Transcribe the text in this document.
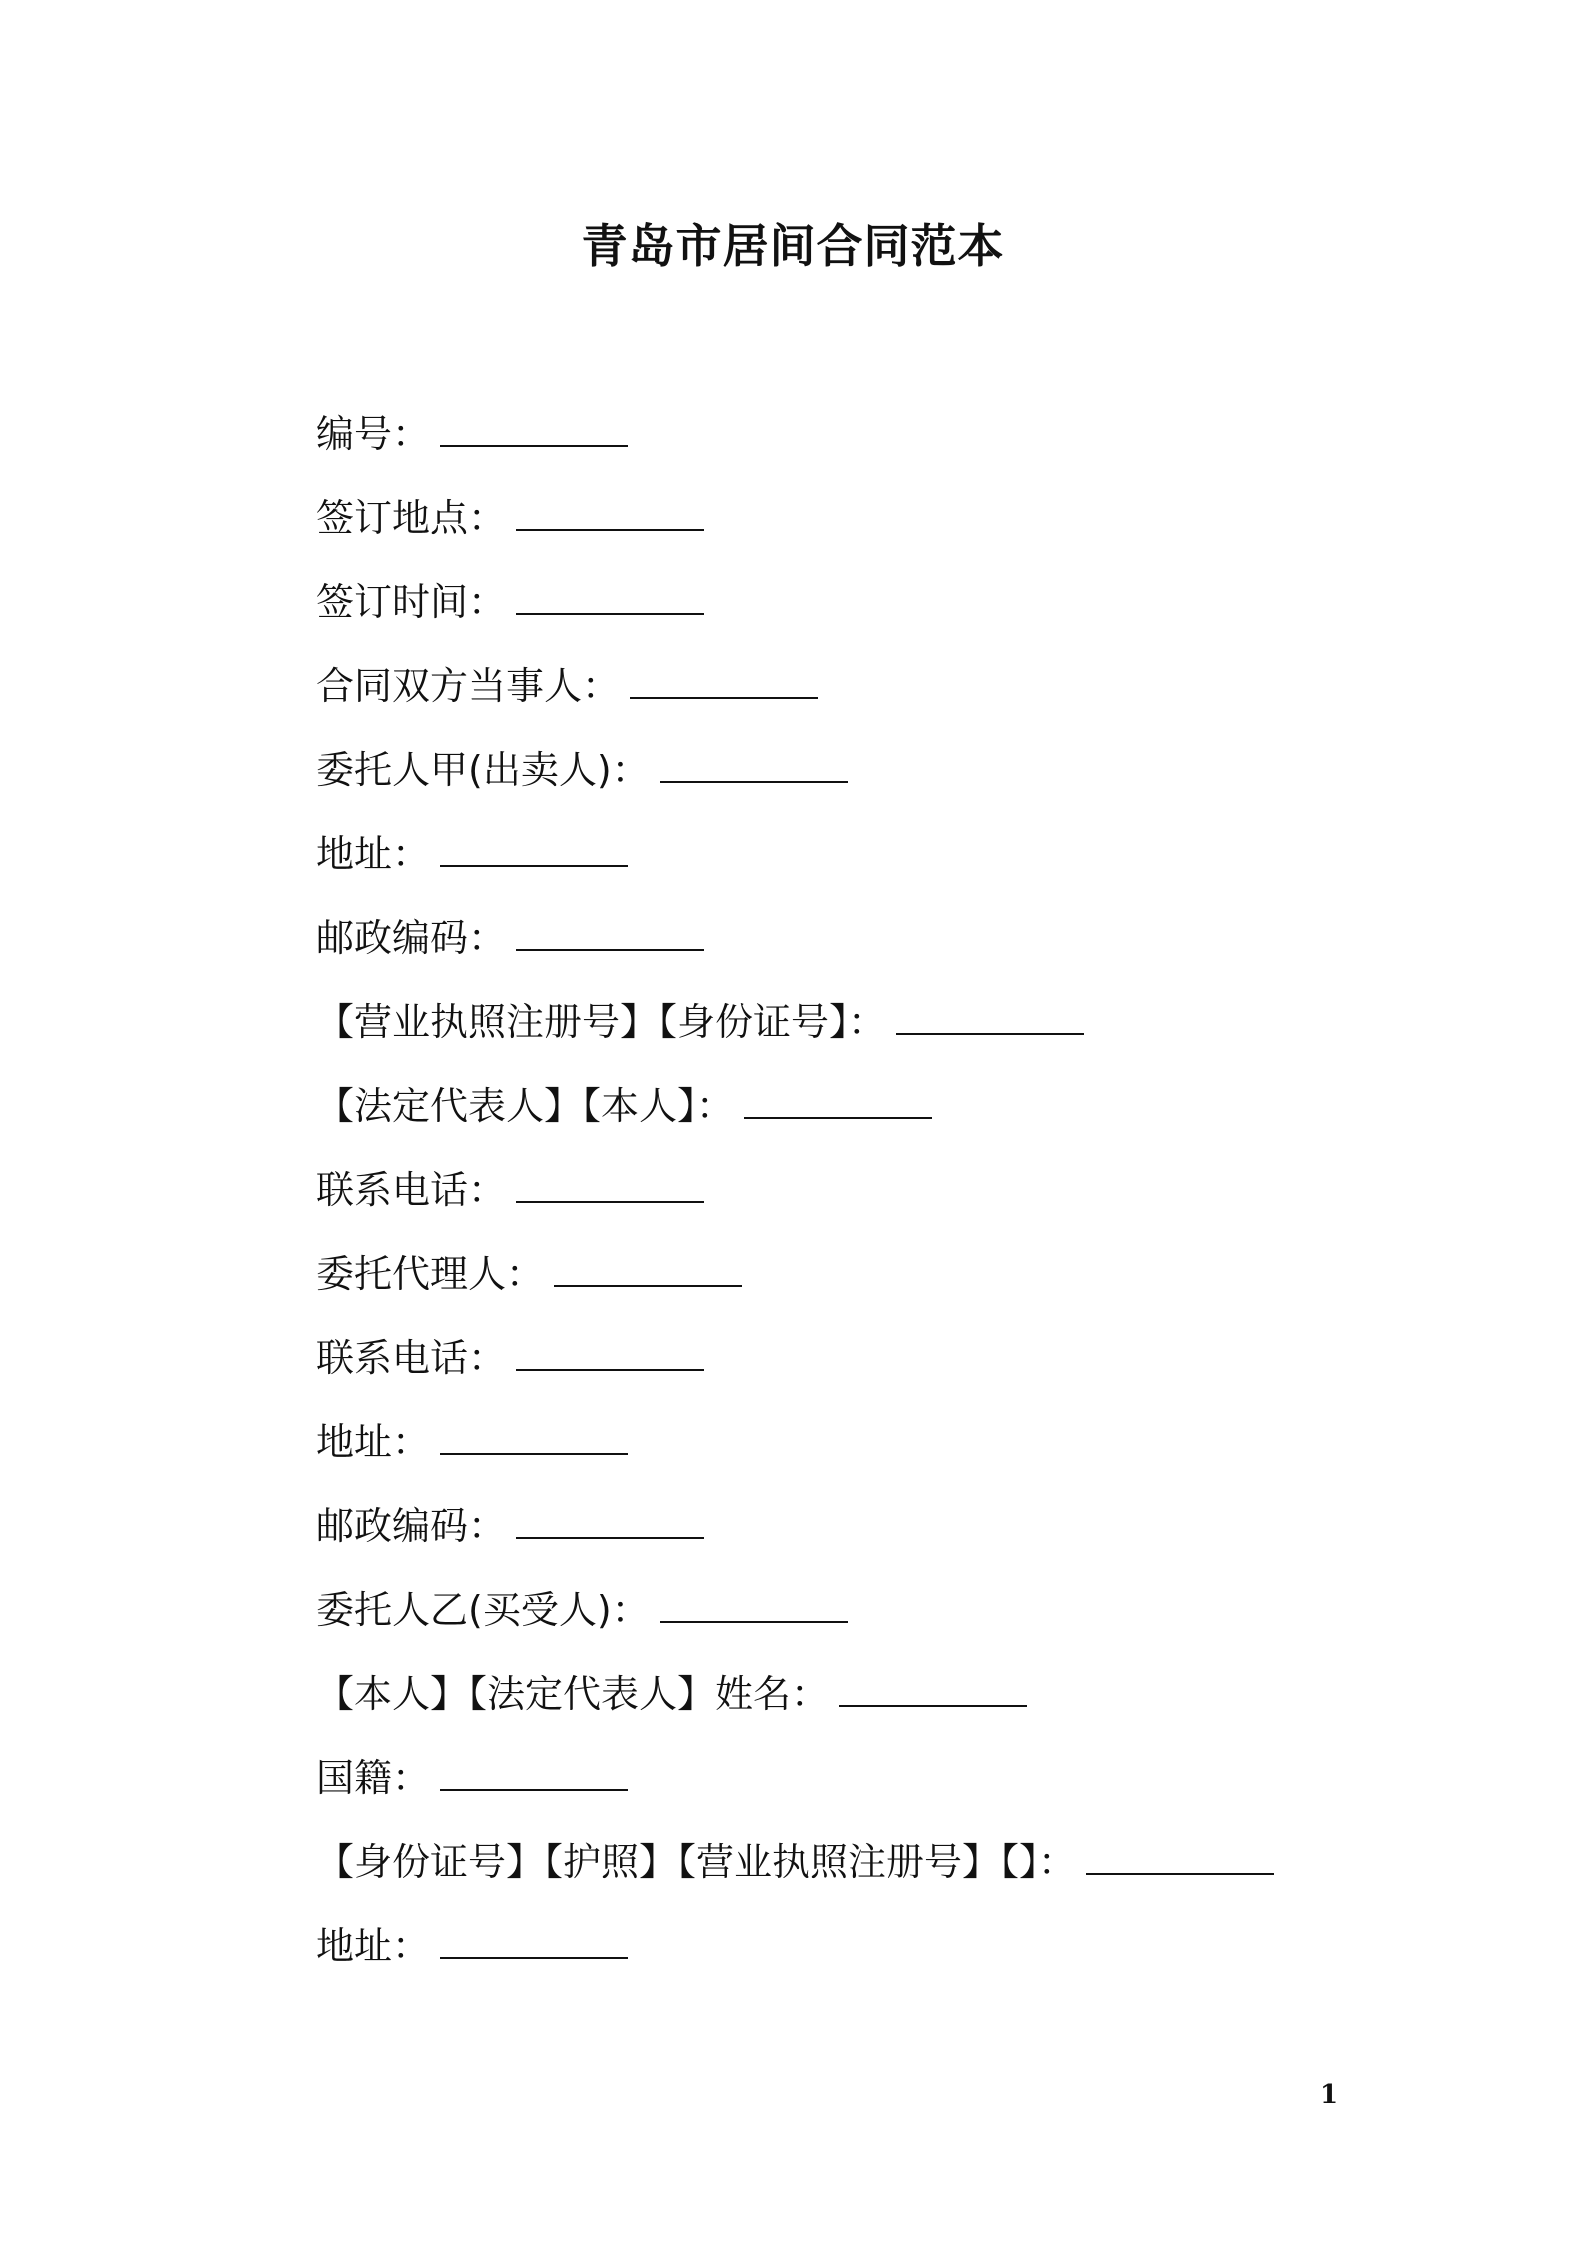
青岛市居间合同范本
编号：
签订地点：
签订时间：
合同双方当事人：
委托人甲(出卖人)：
地址：
邮政编码：
【营业执照注册号】【身份证号】：
【法定代表人】【本人】：
联系电话：
委托代理人：
联系电话：
地址：
邮政编码：
委托人乙(买受人)：
【本人】【法定代表人】姓名：
国籍：
【身份证号】【护照】【营业执照注册号】【】：
地址：
1
